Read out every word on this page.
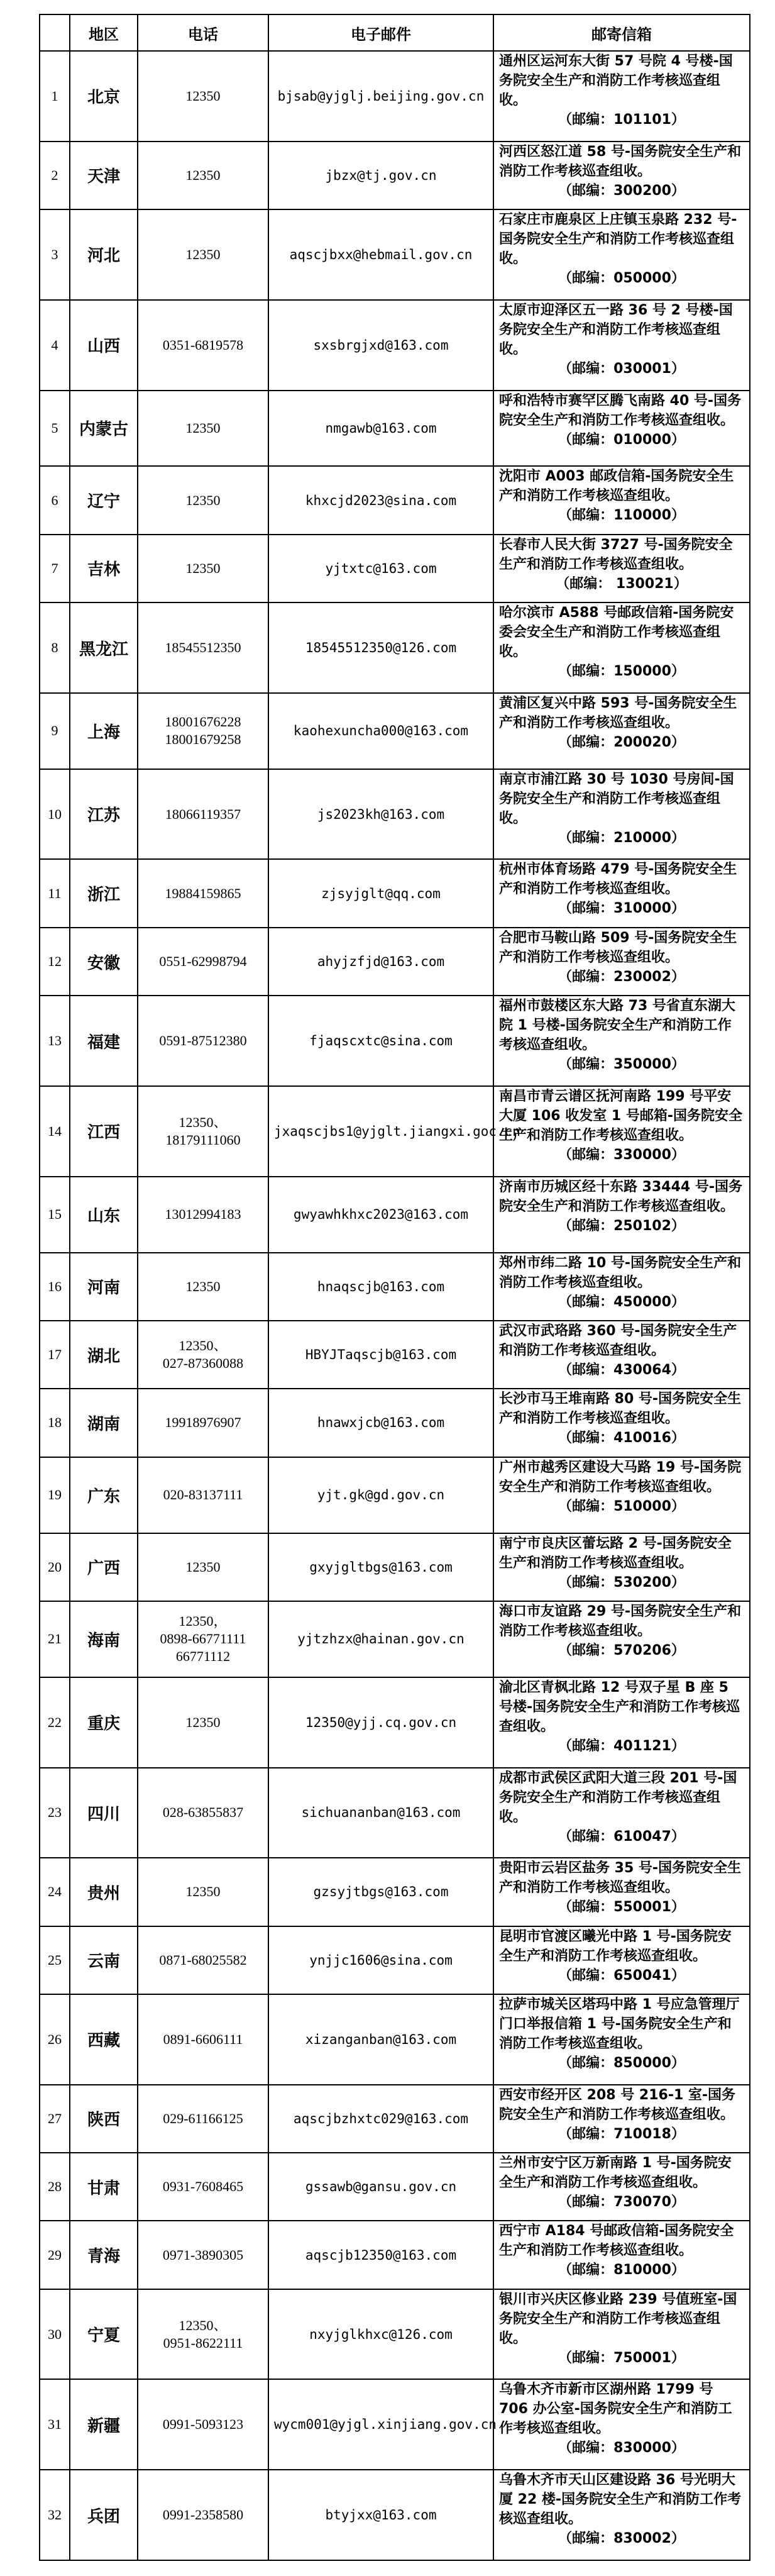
	地区	电话	电子邮件	邮寄信箱
1	北京	12350	bjsab@yjglj.beijing.gov.cn	通州区运河东大街 57 号院 4 号楼-国务院安全生产和消防工作考核巡查组收。
（邮编：101101）

2	天津	12350	jbzx@tj.gov.cn	河西区怒江道 58 号-国务院安全生产和消防工作考核巡查组收。
（邮编：300200）

3	河北	12350	aqscjbxx@hebmail.gov.cn	石家庄市鹿泉区上庄镇玉泉路 232 号-国务院安全生产和消防工作考核巡查组收。
（邮编：050000）

4	山西	0351-6819578	sxsbrgjxd@163.com	太原市迎泽区五一路 36 号 2 号楼-国务院安全生产和消防工作考核巡查组收。
（邮编：030001）

5	内蒙古	12350	nmgawb@163.com	呼和浩特市赛罕区腾飞南路 40 号-国务院安全生产和消防工作考核巡查组收。
（邮编：010000）

6	辽宁	12350	khxcjd2023@sina.com	沈阳市 A003 邮政信箱-国务院安全生产和消防工作考核巡查组收。
（邮编：110000）

7	吉林	12350	yjtxtc@163.com	长春市人民大街 3727 号-国务院安全生产和消防工作考核巡查组收。
（邮编： 130021）

8	黑龙江	18545512350	18545512350@126.com	哈尔滨市 A588 号邮政信箱-国务院安委会安全生产和消防工作考核巡查组收。
（邮编：150000）

9	上海	18001676228
18001679258	kaohexuncha000@163.com	黄浦区复兴中路 593 号-国务院安全生产和消防工作考核巡查组收。
（邮编：200020）

10	江苏	18066119357	js2023kh@163.com	南京市浦江路 30 号 1030 号房间-国务院安全生产和消防工作考核巡查组收。
（邮编：210000）

11	浙江	19884159865	zjsyjglt@qq.com	杭州市体育场路 479 号-国务院安全生产和消防工作考核巡查组收。
（邮编：310000）

12	安徽	0551-62998794	ahyjzfjd@163.com	合肥市马鞍山路 509 号-国务院安全生产和消防工作考核巡查组收。
（邮编：230002）

13	福建	0591-87512380	fjaqscxtc@sina.com	福州市鼓楼区东大路 73 号省直东湖大院 1 号楼-国务院安全生产和消防工作考核巡查组收。
（邮编：350000）

14	江西	12350、
18179111060	jxaqscjbs1@yjglt.jiangxi.goc.cn	南昌市青云谱区抚河南路 199 号平安大厦 106 收发室 1 号邮箱-国务院安全生产和消防工作考核巡查组收。
（邮编：330000）

15	山东	13012994183	gwyawhkhxc2023@163.com	济南市历城区经十东路 33444 号-国务院安全生产和消防工作考核巡查组收。
（邮编：250102）

16	河南	12350	hnaqscjb@163.com	郑州市纬二路 10 号-国务院安全生产和消防工作考核巡查组收。
（邮编：450000）

17	湖北	12350、
027-87360088	HBYJTaqscjb@163.com	武汉市武珞路 360 号-国务院安全生产和消防工作考核巡查组收。
（邮编：430064）

18	湖南	19918976907	hnawxjcb@163.com	长沙市马王堆南路 80 号-国务院安全生产和消防工作考核巡查组收。
（邮编：410016）

19	广东	020-83137111	yjt.gk@gd.gov.cn	广州市越秀区建设大马路 19 号-国务院安全生产和消防工作考核巡查组收。
（邮编：510000）

20	广西	12350	gxyjgltbgs@163.com	南宁市良庆区蕾坛路 2 号-国务院安全生产和消防工作考核巡查组收。
（邮编：530200）

21	海南	12350，
0898-66771111
66771112	yjtzhzx@hainan.gov.cn	海口市友谊路 29 号-国务院安全生产和消防工作考核巡查组收。
（邮编：570206）

22	重庆	12350	12350@yjj.cq.gov.cn	渝北区青枫北路 12 号双子星 B 座 5 号楼-国务院安全生产和消防工作考核巡查组收。
（邮编：401121）

23	四川	028-63855837	sichuananban@163.com	成都市武侯区武阳大道三段 201 号-国务院安全生产和消防工作考核巡查组收。
（邮编：610047）

24	贵州	12350	gzsyjtbgs@163.com	贵阳市云岩区盐务 35 号-国务院安全生产和消防工作考核巡查组收。
（邮编：550001）

25	云南	0871-68025582	ynjjc1606@sina.com	昆明市官渡区曦光中路 1 号-国务院安全生产和消防工作考核巡查组收。
（邮编：650041）

26	西藏	0891-6606111	xizanganban@163.com	拉萨市城关区塔玛中路 1 号应急管理厅门口举报信箱 1 号-国务院安全生产和消防工作考核巡查组收。
（邮编：850000）

27	陕西	029-61166125	aqscjbzhxtc029@163.com	西安市经开区 208 号 216-1 室-国务院安全生产和消防工作考核巡查组收。
（邮编：710018）

28	甘肃	0931-7608465	gssawb@gansu.gov.cn	兰州市安宁区万新南路 1 号-国务院安全生产和消防工作考核巡查组收。
（邮编：730070）

29	青海	0971-3890305	aqscjb12350@163.com	西宁市 A184 号邮政信箱-国务院安全生产和消防工作考核巡查组收。
（邮编：810000）

30	宁夏	12350、
0951-8622111	nxyjglkhxc@126.com	银川市兴庆区修业路 239 号值班室-国务院安全生产和消防工作考核巡查组收。
（邮编：750001）

31	新疆	0991-5093123	wycm001@yjgl.xinjiang.gov.cn	乌鲁木齐市新市区湖州路 1799 号 706 办公室-国务院安全生产和消防工作考核巡查组收。
（邮编：830000）

32	兵团	0991-2358580	btyjxx@163.com	乌鲁木齐市天山区建设路 36 号光明大厦 22 楼-国务院安全生产和消防工作考核巡查组收。
（邮编：830002）
